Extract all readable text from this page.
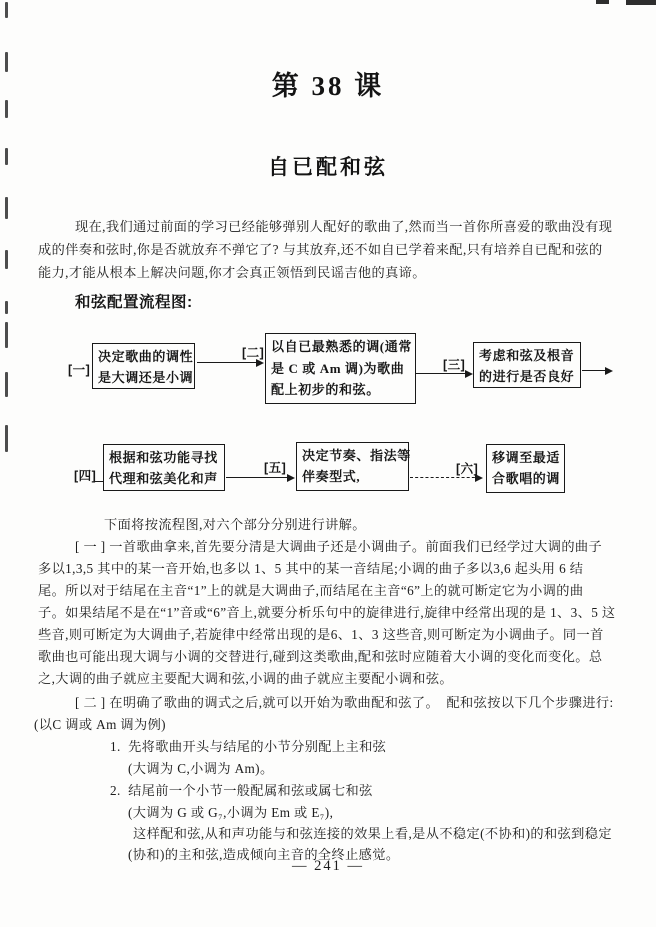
第 38 课
自已配和弦
现在,我们通过前面的学习已经能够弹别人配好的歌曲了,然而当一首你所喜爱的歌曲没有现
成的伴奏和弦时,你是否就放弃不弹它了? 与其放弃,还不如自已学着来配,只有培养自已配和弦的
能力,才能从根本上解决问题,你才会真正领悟到民谣吉他的真谛。
和弦配置流程图:
[一]
决定歌曲的调性
是大调还是小调
[二] 以自已最熟悉的调(通常
是 C 或 Am 调)为歌曲
配上初步的和弦。
[三]
考虑和弦及根音
的进行是否良好
[四]
根据和弦功能寻找
代理和弦美化和声
[五]
决定节奏、指法等
伴奏型式,	[六]
移调至最适
合歌唱的调
下面将按流程图,对六个部分分别进行讲解。
[ 一 ] 一首歌曲拿来,首先要分清是大调曲子还是小调曲子。前面我们已经学过大调的曲子
多以1,3,5 其中的某一音开始,也多以 1、5 其中的某一音结尾;小调的曲子多以3,6 起头用 6 结
尾。所以对于结尾在主音“1”上的就是大调曲子,而结尾在主音“6”上的就可断定它为小调的曲
子。如果结尾不是在“1”音或“6”音上,就要分析乐句中的旋律进行,旋律中经常出现的是 1、3、5 这
些音,则可断定为大调曲子,若旋律中经常出现的是6、1、3 这些音,则可断定为小调曲子。同一首
歌曲也可能出现大调与小调的交替进行,碰到这类歌曲,配和弦时应随着大小调的变化而变化。总
之,大调的曲子就应主要配大调和弦,小调的曲子就应主要配小调和弦。
[ 二 ] 在明确了歌曲的调式之后,就可以开始为歌曲配和弦了。  配和弦按以下几个步骤进行:
(以C 调或 Am 调为例)
1.  先将歌曲开头与结尾的小节分别配上主和弦
(大调为 C,小调为 Am)。
2.  结尾前一个小节一般配属和弦或属七和弦
(大调为 G 或 G₇,小调为 Em 或 E₇),
这样配和弦,从和声功能与和弦连接的效果上看,是从不稳定(不协和)的和弦到稳定
(协和)的主和弦,造成倾向主音的全终止感觉。
— 241 —
